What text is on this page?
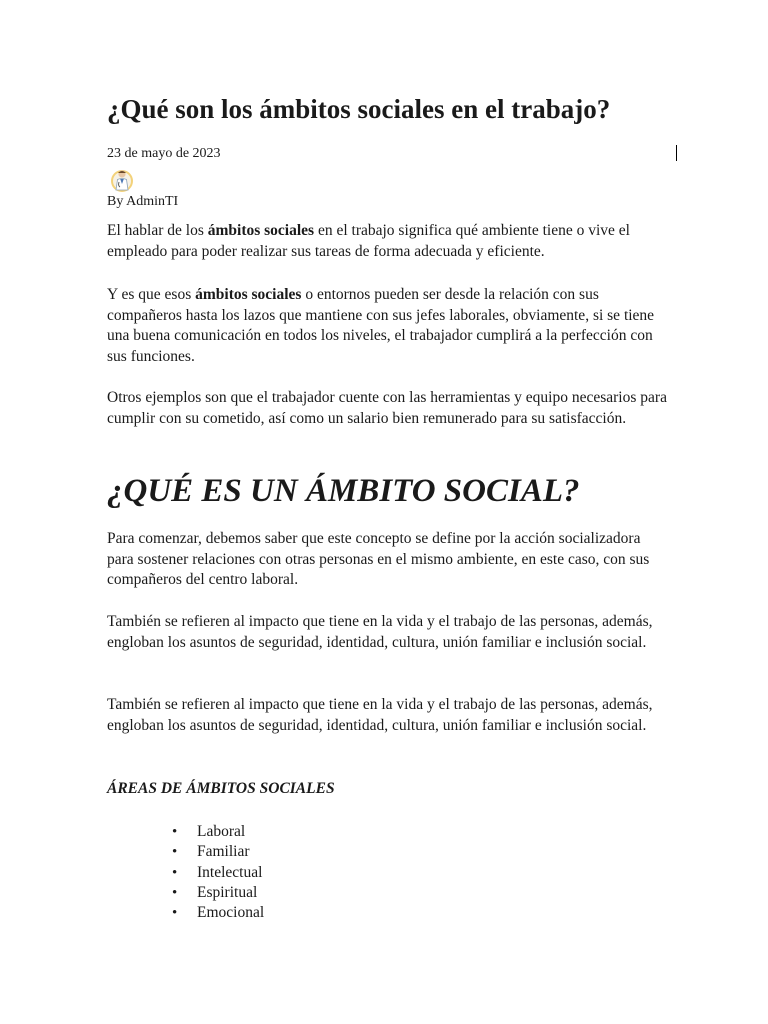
¿Qué son los ámbitos sociales en el trabajo?
23 de mayo de 2023
By AdminTI

El hablar de los ámbitos sociales en el trabajo significa qué ambiente tiene o vive el empleado para poder realizar sus tareas de forma adecuada y eficiente.

Y es que esos ámbitos sociales o entornos pueden ser desde la relación con sus compañeros hasta los lazos que mantiene con sus jefes laborales, obviamente, si se tiene una buena comunicación en todos los niveles, el trabajador cumplirá a la perfección con sus funciones.

Otros ejemplos son que el trabajador cuente con las herramientas y equipo necesarios para cumplir con su cometido, así como un salario bien remunerado para su satisfacción.

¿QUÉ ES UN ÁMBITO SOCIAL?

Para comenzar, debemos saber que este concepto se define por la acción socializadora para sostener relaciones con otras personas en el mismo ambiente, en este caso, con sus compañeros del centro laboral.

También se refieren al impacto que tiene en la vida y el trabajo de las personas, además, engloban los asuntos de seguridad, identidad, cultura, unión familiar e inclusión social.

También se refieren al impacto que tiene en la vida y el trabajo de las personas, además, engloban los asuntos de seguridad, identidad, cultura, unión familiar e inclusión social.

ÁREAS DE ÁMBITOS SOCIALES
• Laboral
• Familiar
• Intelectual
• Espiritual
• Emocional
